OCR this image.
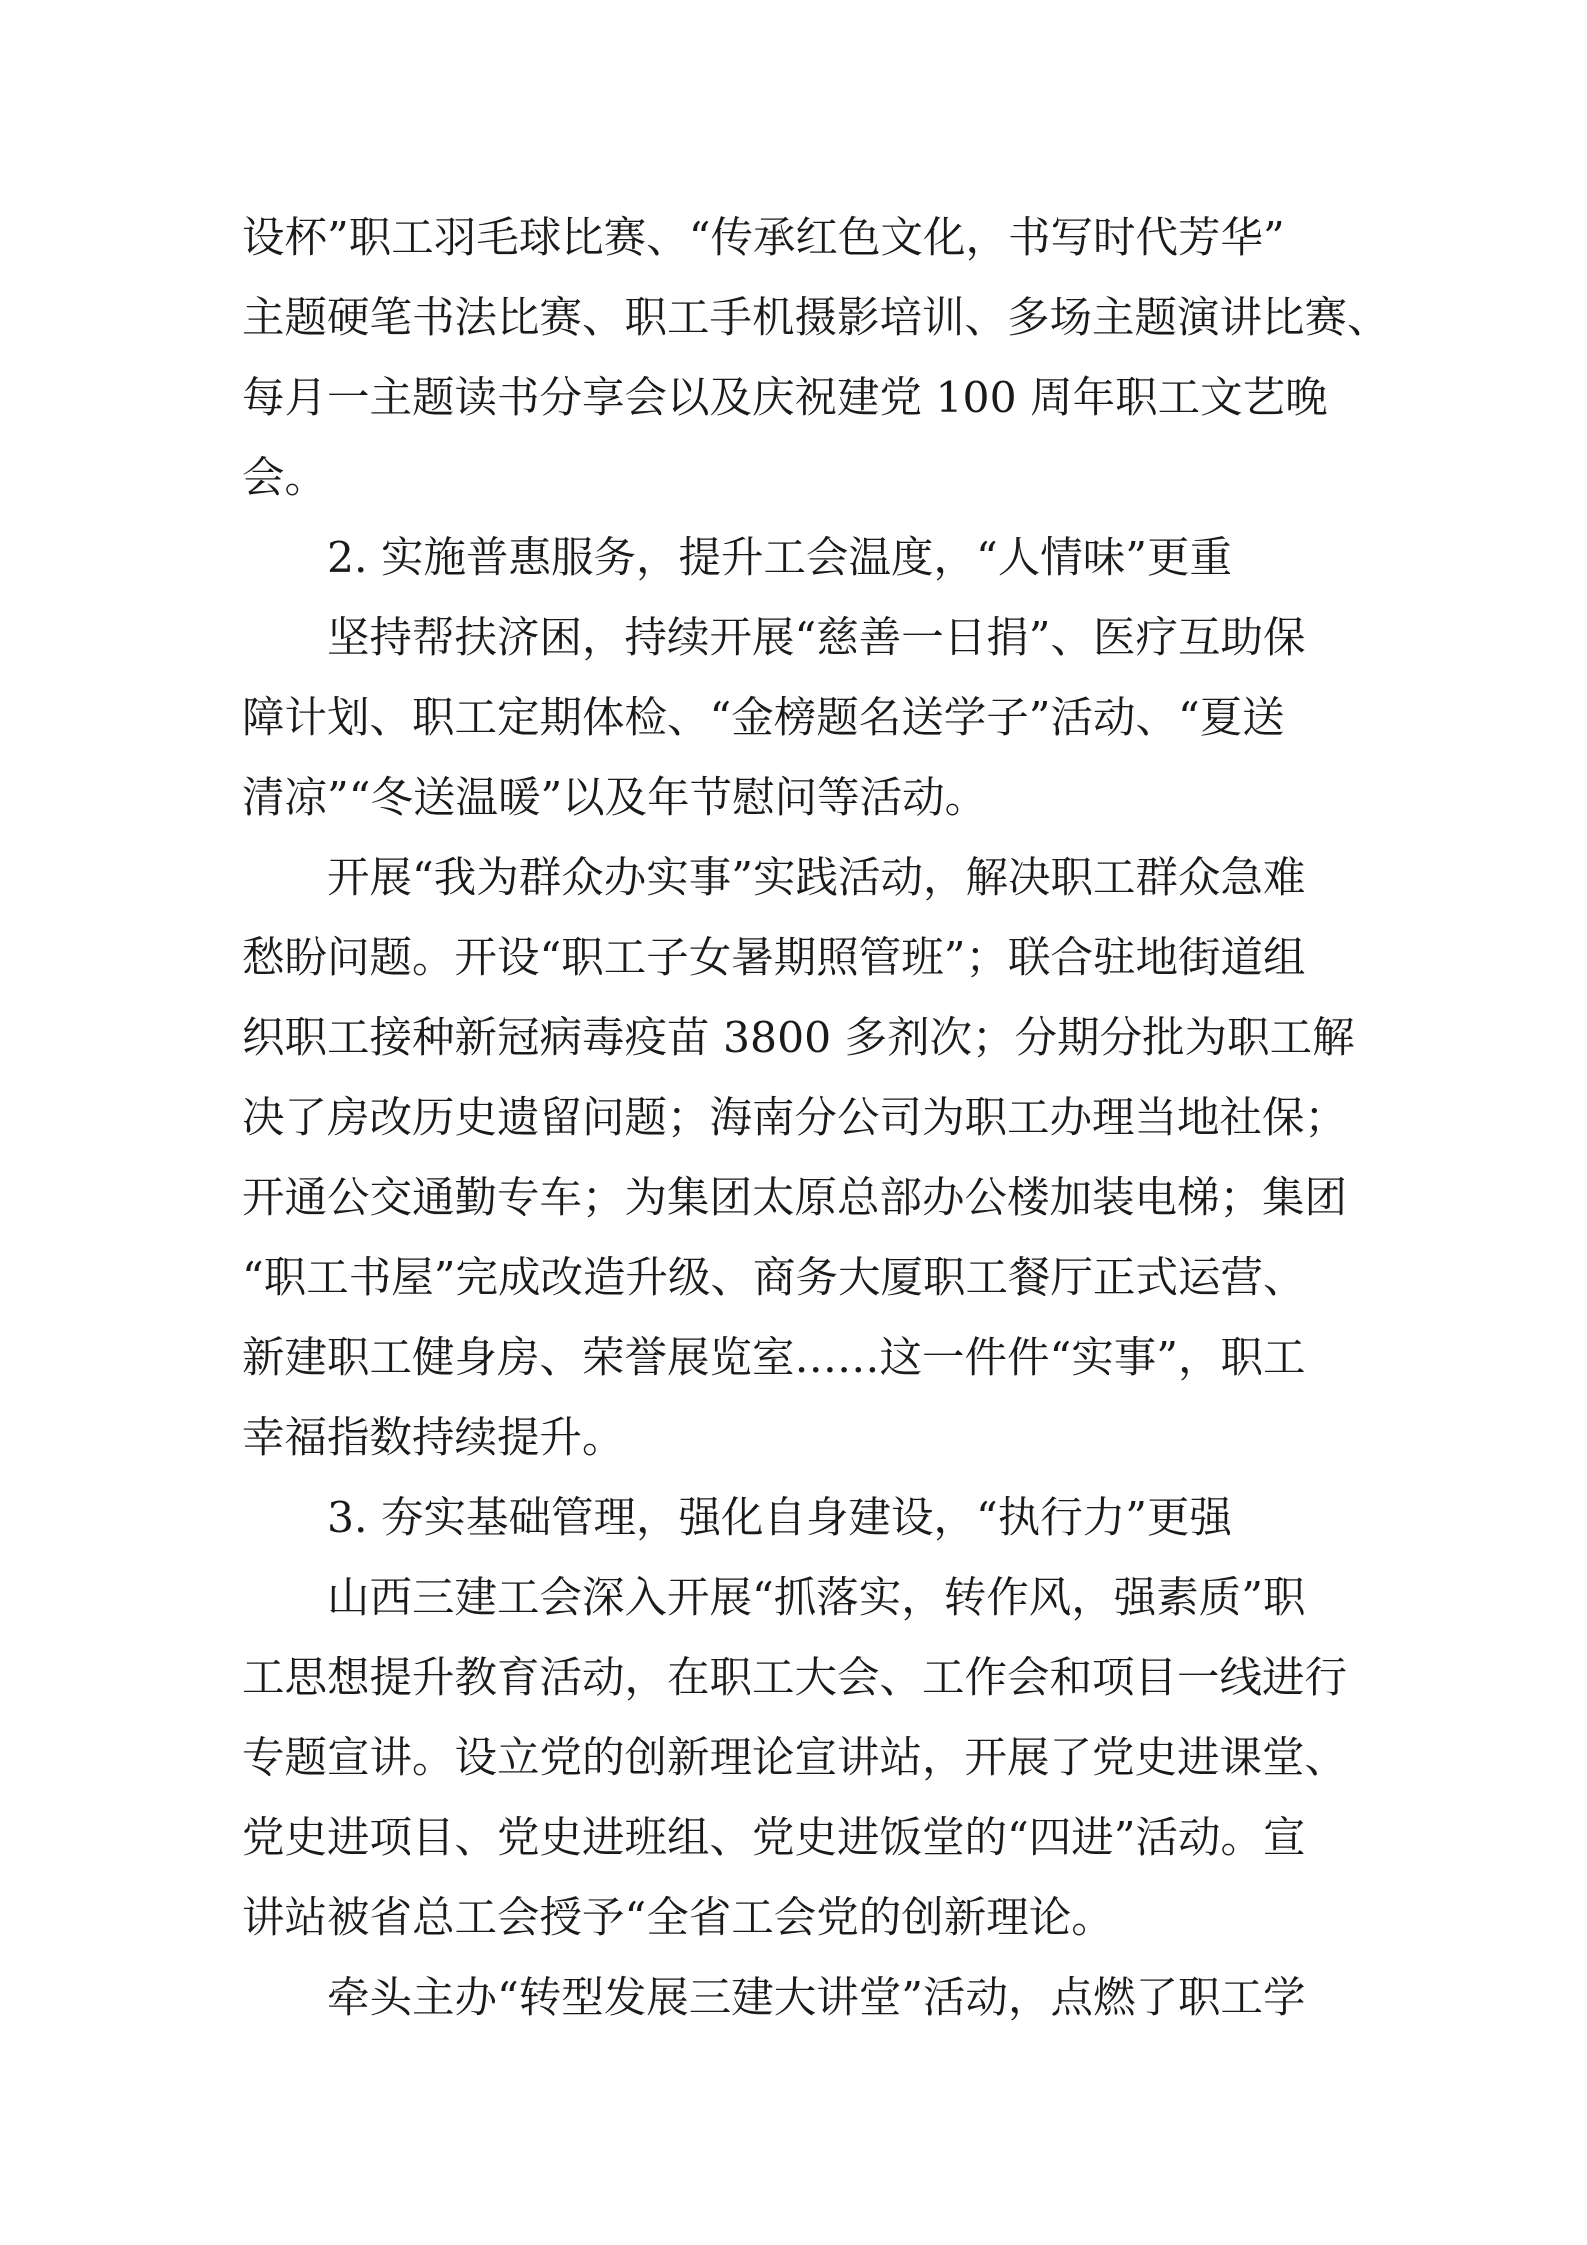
设杯”职工羽毛球比赛、“传承红色文化，书写时代芳华”
主题硬笔书法比赛、职工手机摄影培训、多场主题演讲比赛、
每月一主题读书分享会以及庆祝建党 100 周年职工文艺晚
会。
2. 实施普惠服务，提升工会温度，“人情味”更重
坚持帮扶济困，持续开展“慈善一日捐”、医疗互助保
障计划、职工定期体检、“金榜题名送学子”活动、“夏送
清凉”“冬送温暖”以及年节慰问等活动。
开展“我为群众办实事”实践活动，解决职工群众急难
愁盼问题。开设“职工子女暑期照管班”；联合驻地街道组
织职工接种新冠病毒疫苗 3800 多剂次；分期分批为职工解
决了房改历史遗留问题；海南分公司为职工办理当地社保；
开通公交通勤专车；为集团太原总部办公楼加装电梯；集团
“职工书屋”完成改造升级、商务大厦职工餐厅正式运营、
新建职工健身房、荣誉展览室……这一件件“实事”，职工
幸福指数持续提升。
3. 夯实基础管理，强化自身建设，“执行力”更强
山西三建工会深入开展“抓落实，转作风，强素质”职
工思想提升教育活动，在职工大会、工作会和项目一线进行
专题宣讲。设立党的创新理论宣讲站，开展了党史进课堂、
党史进项目、党史进班组、党史进饭堂的“四进”活动。宣
讲站被省总工会授予“全省工会党的创新理论。
牵头主办“转型发展三建大讲堂”活动，点燃了职工学
